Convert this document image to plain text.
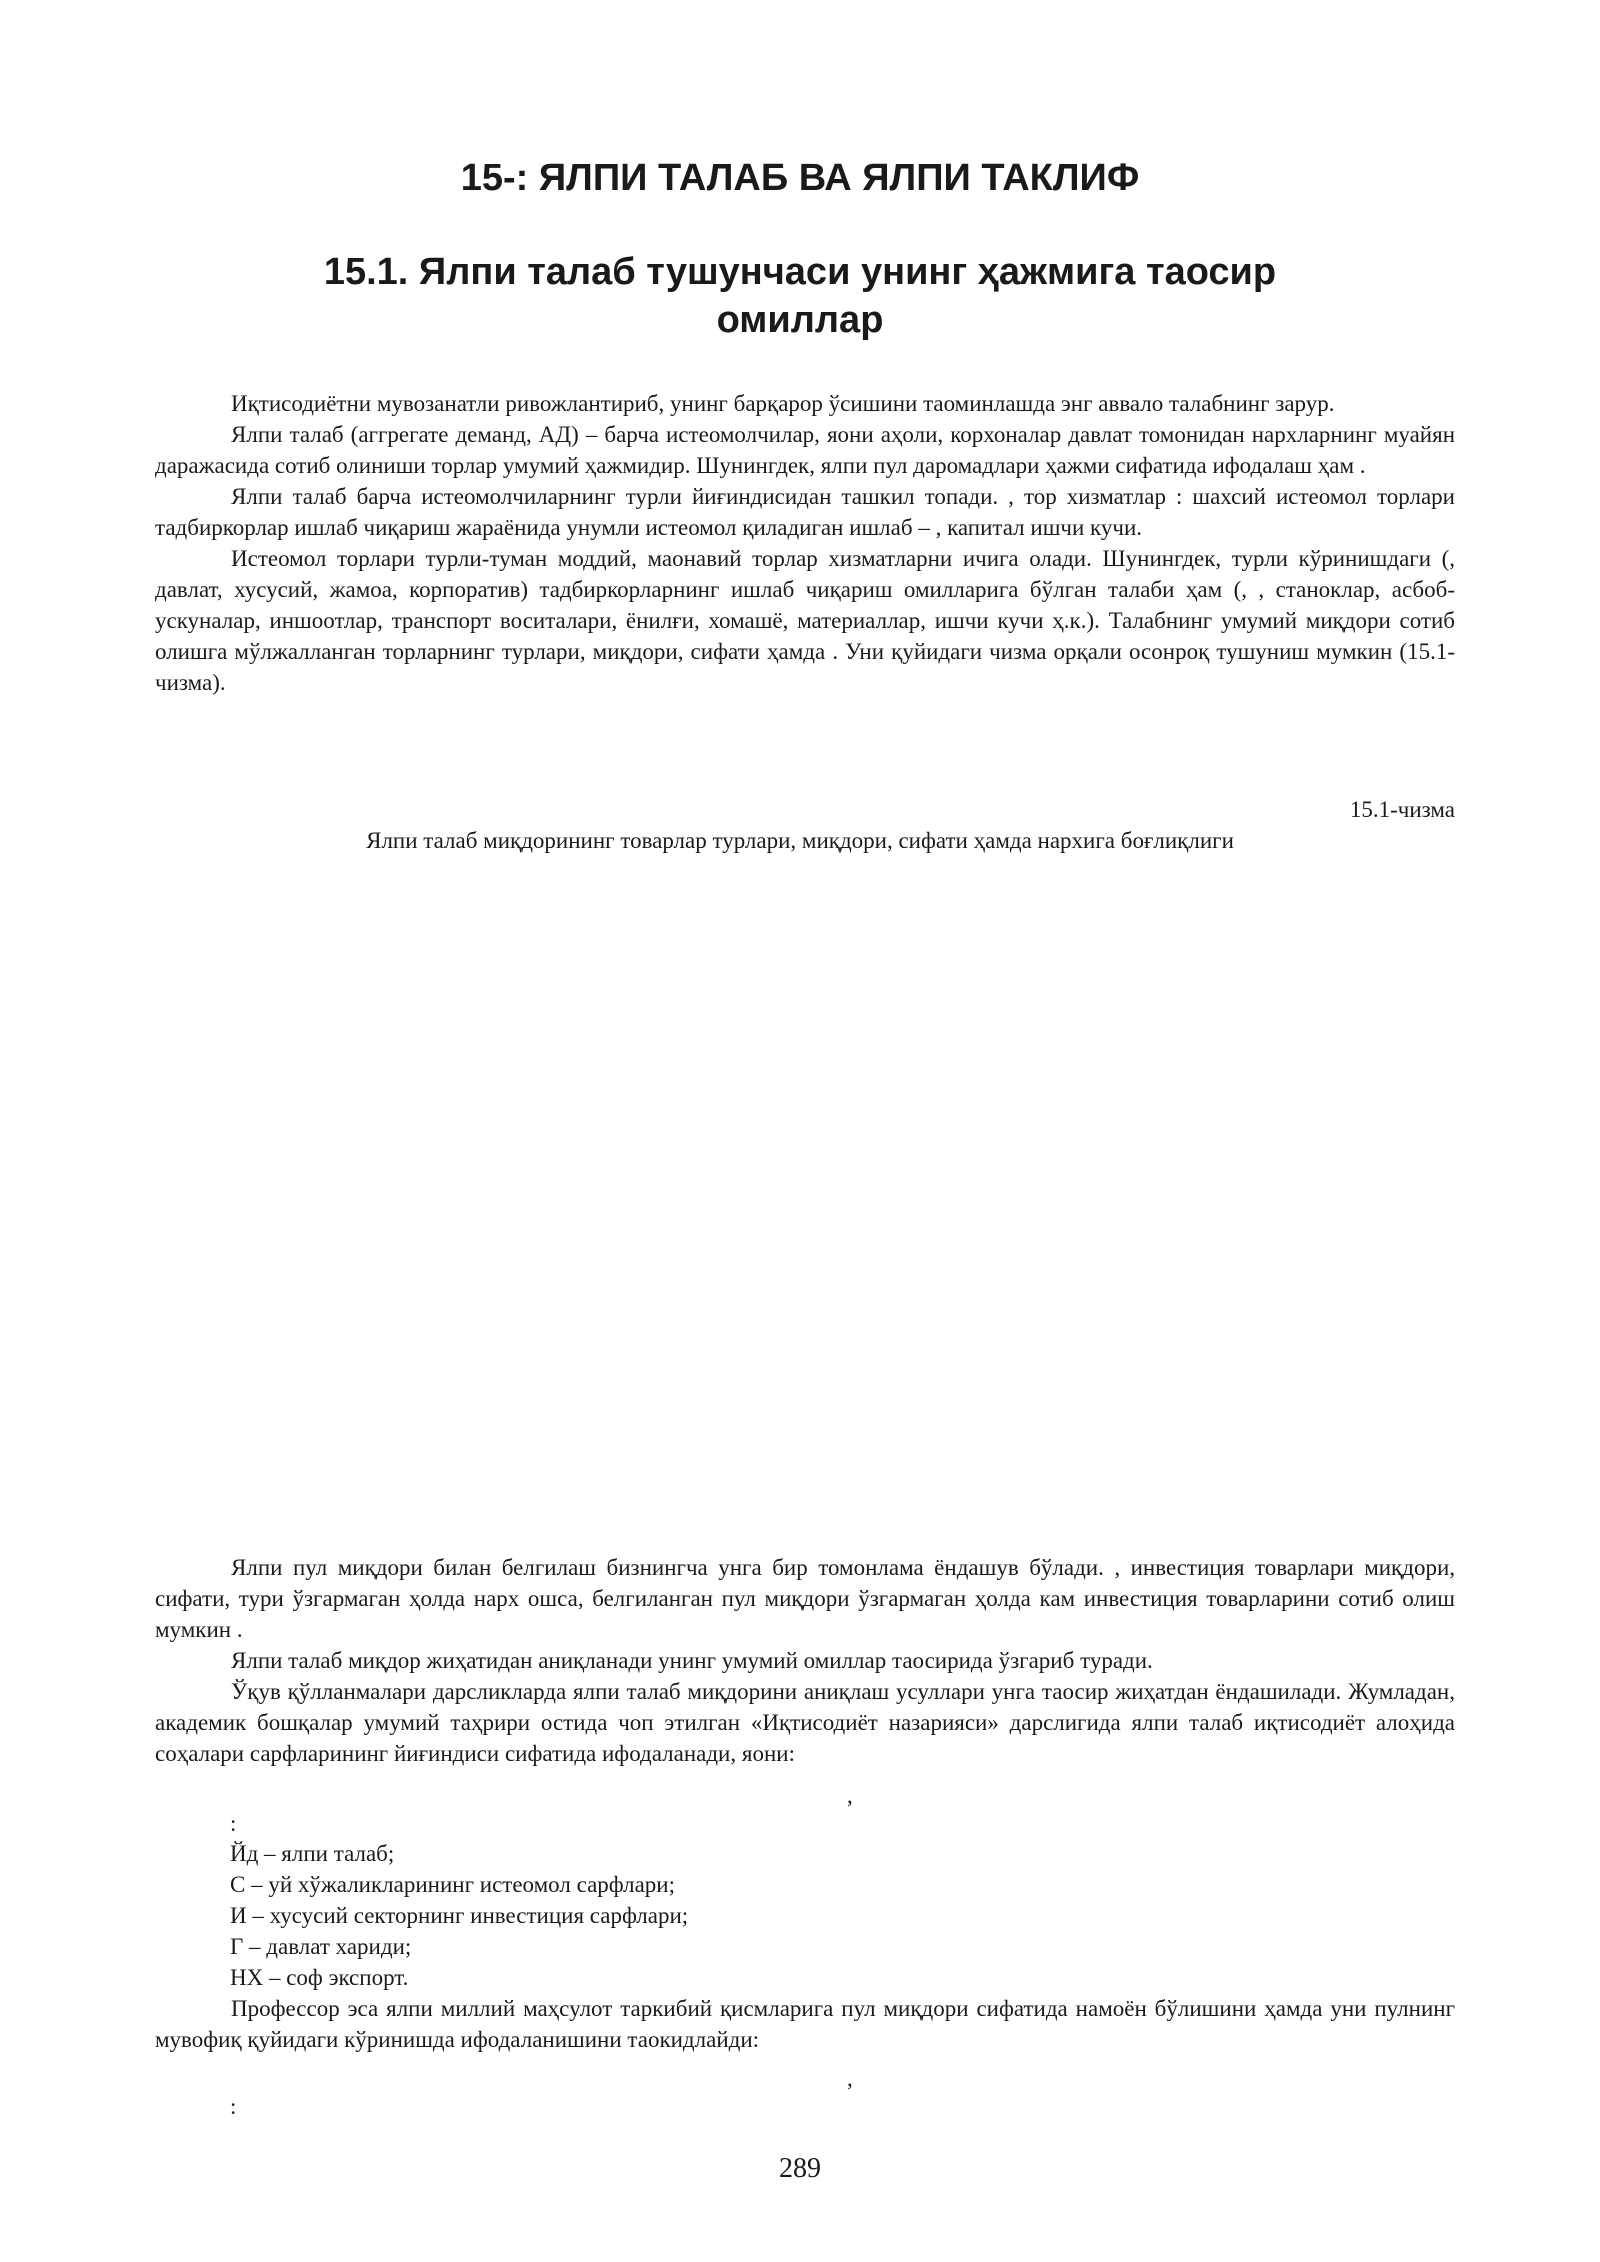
15-: ЯЛПИ ТАЛАБ ВА ЯЛПИ ТАКЛИФ
15.1. Ялпи талаб тушунчаси унинг ҳажмига таосир омиллар

Иқтисодиётни мувозанатли ривожлантириб, унинг барқарор ўсишини таоминлашда энг аввало талабнинг зарур.

Ялпи талаб (аггрегате деманд, АД) – барча истеомолчилар, яони аҳоли, корхоналар давлат томонидан нархларнинг муайян даражасида сотиб олиниши торлар умумий ҳажмидир. Шунингдек, ялпи пул даромадлари ҳажми сифатида ифодалаш ҳам .

Ялпи талаб барча истеомолчиларнинг турли йиғиндисидан ташкил топади. , тор хизматлар : шахсий истеомол торлари тадбиркорлар ишлаб чиқариш жараёнида унумли истеомол қиладиган ишлаб – , капитал ишчи кучи.

Истеомол торлари турли-туман моддий, маонавий торлар хизматларни ичига олади. Шунингдек, турли кўринишдаги (, давлат, хусусий, жамоа, корпоратив) тадбиркорларнинг ишлаб чиқариш омилларига бўлган талаби ҳам (, , станоклар, асбоб-ускуналар, иншоотлар, транспорт воситалари, ёнилғи, хомашё, материаллар, ишчи кучи ҳ.к.). Талабнинг умумий миқдори сотиб олишга мўлжалланган торларнинг турлари, миқдори, сифати ҳамда . Уни қуйидаги чизма орқали осонроқ тушуниш мумкин (15.1-чизма).

15.1-чизма
Ялпи талаб миқдорининг товарлар турлари, миқдори, сифати ҳамда нархига боғлиқлиги

Ялпи пул миқдори билан белгилаш бизнингча унга бир томонлама ёндашув бўлади. , инвестиция товарлари миқдори, сифати, тури ўзгармаган ҳолда нарх ошса, белгиланган пул миқдори ўзгармаган ҳолда кам инвестиция товарларини сотиб олиш мумкин .

Ялпи талаб миқдор жиҳатидан аниқланади унинг умумий омиллар таосирида ўзгариб туради.

Ўқув қўлланмалари дарсликларда ялпи талаб миқдорини аниқлаш усуллари унга таосир жиҳатдан ёндашилади. Жумладан, академик бошқалар умумий таҳрири остида чоп этилган «Иқтисодиёт назарияси» дарслигида ялпи талаб иқтисодиёт алоҳида соҳалари сарфларининг йиғиндиси сифатида ифодаланади, яони:

,
:
Йд – ялпи талаб;
С – уй хўжаликларининг истеомол сарфлари;
И – хусусий секторнинг инвестиция сарфлари;
Г – давлат хариди;
НХ – соф экспорт.

Профессор эса ялпи миллий маҳсулот таркибий қисмларига пул миқдори сифатида намоён бўлишини ҳамда уни пулнинг мувофиқ қуйидаги кўринишда ифодаланишини таокидлайди:

,
:
289
